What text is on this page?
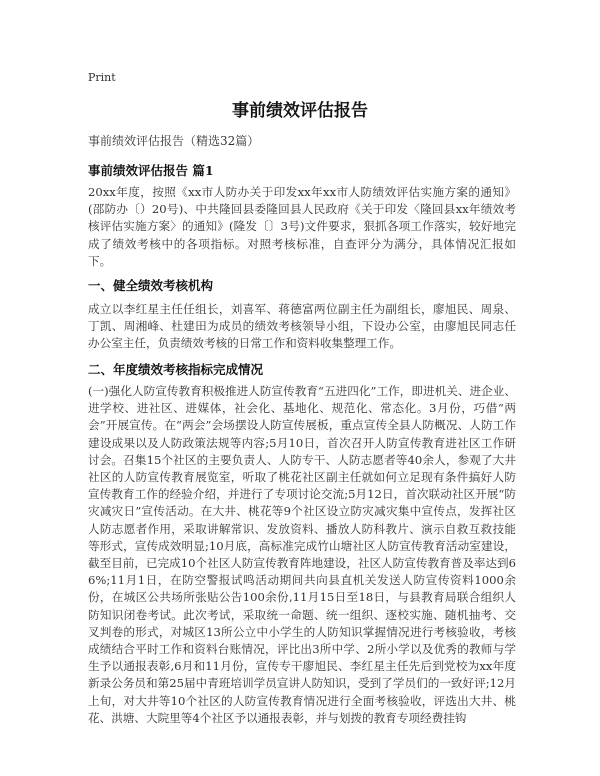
Print
事前绩效评估报告
事前绩效评估报告（精选32篇）
事前绩效评估报告 篇1
20xx年度，按照《xx市人防办关于印发xx年xx市人防绩效评估实施方案的通知》(邵防办〔）20号)、中共隆回县委隆回县人民政府《关于印发〈隆回县xx年绩效考核评估实施方案〉的通知》(隆发〔〕3号)文件要求，狠抓各项工作落实，较好地完成了绩效考核中的各项指标。对照考核标准，自查评分为满分，具体情况汇报如下。
一、健全绩效考核机构
成立以李红星主任任组长，刘喜军、蒋德富两位副主任为副组长，廖旭民、周泉、丁凯、周湘峰、杜建田为成员的绩效考核领导小组，下设办公室，由廖旭民同志任办公室主任，负责绩效考核的日常工作和资料收集整理工作。
二、年度绩效考核指标完成情况
(一)强化人防宣传教育积极推进人防宣传教育“五进四化”工作，即进机关、进企业、进学校、进社区、进媒体，社会化、基地化、规范化、常态化。3月份，巧借“两会”开展宣传。在“两会”会场摆设人防宣传展板，重点宣传全县人防概况、人防工作建设成果以及人防政策法规等内容;5月10日，首次召开人防宣传教育进社区工作研讨会。召集15个社区的主要负责人、人防专干、人防志愿者等40余人，参观了大井社区的人防宣传教育展览室，听取了桃花社区副主任就如何立足现有条件搞好人防宣传教育工作的经验介绍，并进行了专项讨论交流;5月12日，首次联动社区开展“防灾减灾日”宣传活动。在大井、桃花等9个社区设立防灾减灾集中宣传点，发挥社区人防志愿者作用，采取讲解常识、发放资料、播放人防科教片、演示自救互救技能等形式，宣传成效明显;10月底，高标准完成竹山塘社区人防宣传教育活动室建设，截至目前，已完成10个社区人防宣传教育阵地建设，社区人防宣传教育普及率达到66%;11月1日，在防空警报试鸣活动期间共向县直机关发送人防宣传资料1000余份，在城区公共场所张贴公告100余份,11月15日至18日，与县教育局联合组织人防知识闭卷考试。此次考试，采取统一命题、统一组织、逐校实施、随机抽考、交叉判卷的形式，对城区13所公立中小学生的人防知识掌握情况进行考核验收，考核成绩结合平时工作和资料台账情况，评比出3所中学、2所小学以及优秀的教师与学生予以通报表彰,6月和11月份，宣传专干廖旭民、李红星主任先后到党校为xx年度新录公务员和第25届中青班培训学员宣讲人防知识，受到了学员们的一致好评;12月上旬，对大井等10个社区的人防宣传教育情况进行全面考核验收，评选出大井、桃花、洪塘、大院里等4个社区予以通报表彰，并与划拨的教育专项经费挂钩
